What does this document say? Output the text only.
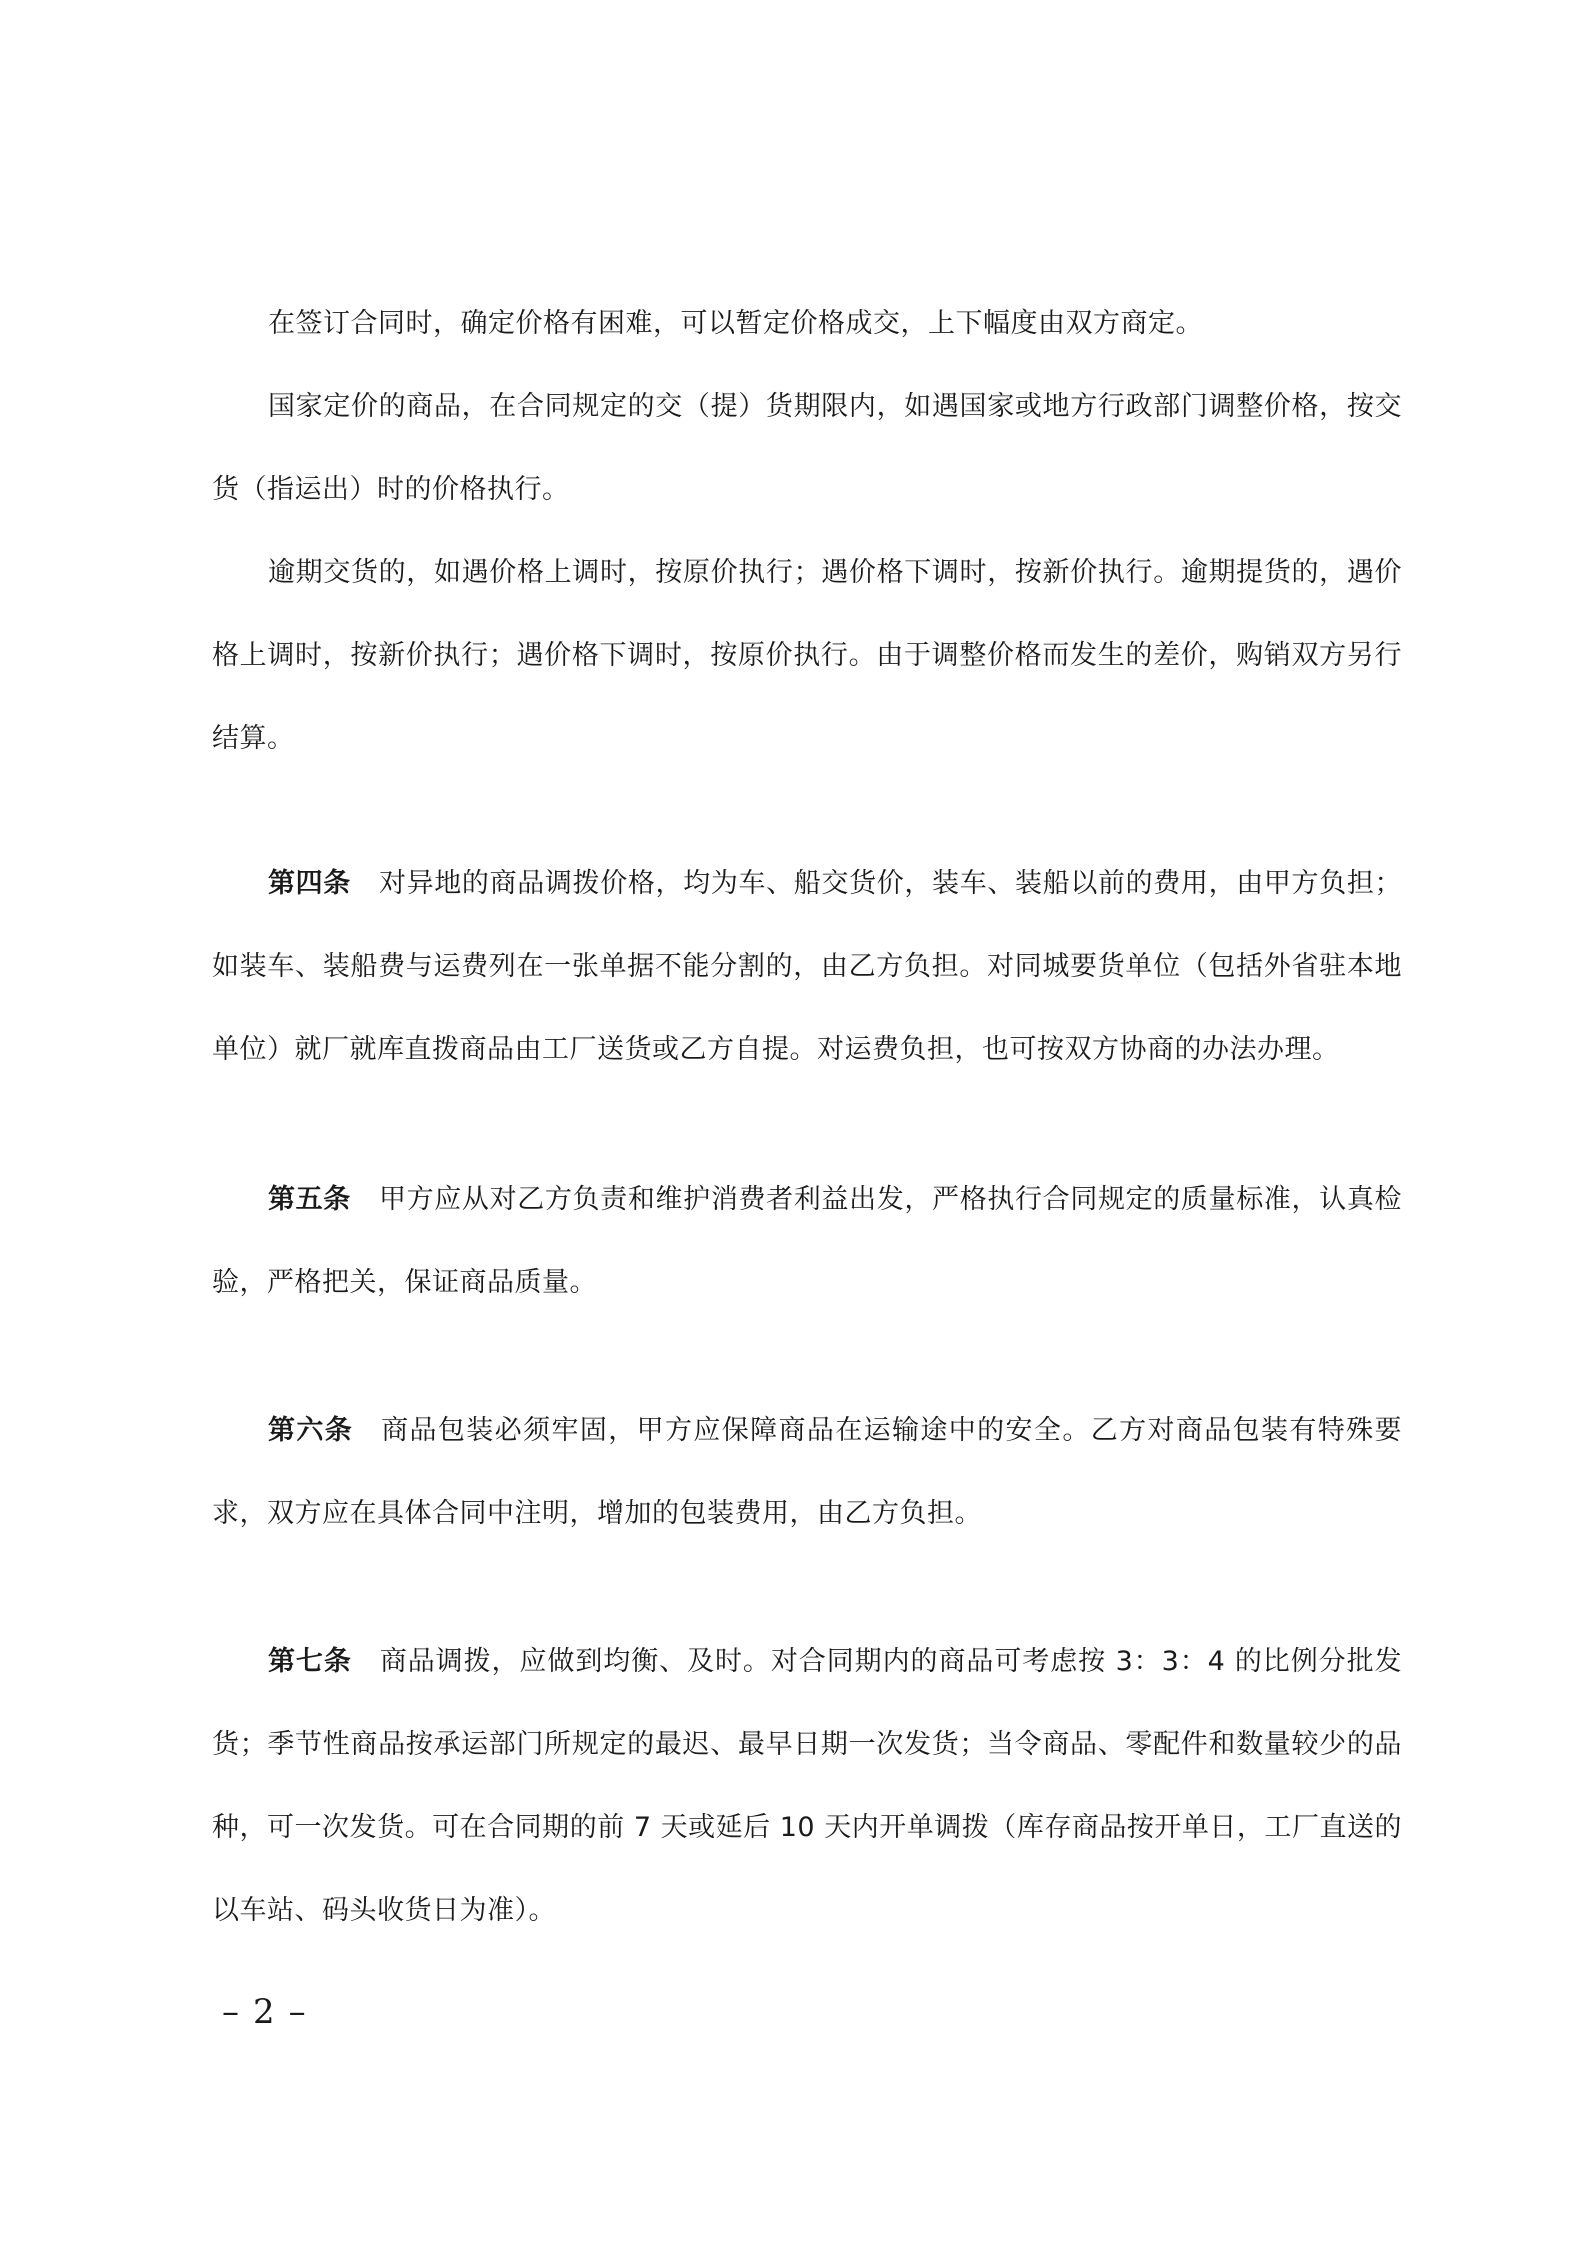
在签订合同时，确定价格有困难，可以暂定价格成交，上下幅度由双方商定。

国家定价的商品，在合同规定的交（提）货期限内，如遇国家或地方行政部门调整价格，按交货（指运出）时的价格执行。

逾期交货的，如遇价格上调时，按原价执行；遇价格下调时，按新价执行。逾期提货的，遇价格上调时，按新价执行；遇价格下调时，按原价执行。由于调整价格而发生的差价，购销双方另行结算。

第四条 对异地的商品调拨价格，均为车、船交货价，装车、装船以前的费用，由甲方负担；如装车、装船费与运费列在一张单据不能分割的，由乙方负担。对同城要货单位（包括外省驻本地单位）就厂就库直拨商品由工厂送货或乙方自提。对运费负担，也可按双方协商的办法办理。

第五条 甲方应从对乙方负责和维护消费者利益出发，严格执行合同规定的质量标准，认真检验，严格把关，保证商品质量。

第六条 商品包装必须牢固，甲方应保障商品在运输途中的安全。乙方对商品包装有特殊要求，双方应在具体合同中注明，增加的包装费用，由乙方负担。

第七条 商品调拨，应做到均衡、及时。对合同期内的商品可考虑按 3：3：4 的比例分批发货；季节性商品按承运部门所规定的最迟、最早日期一次发货；当令商品、零配件和数量较少的品种，可一次发货。可在合同期的前 7 天或延后 10 天内开单调拨（库存商品按开单日，工厂直送的以车站、码头收货日为准）。

– 2 –
